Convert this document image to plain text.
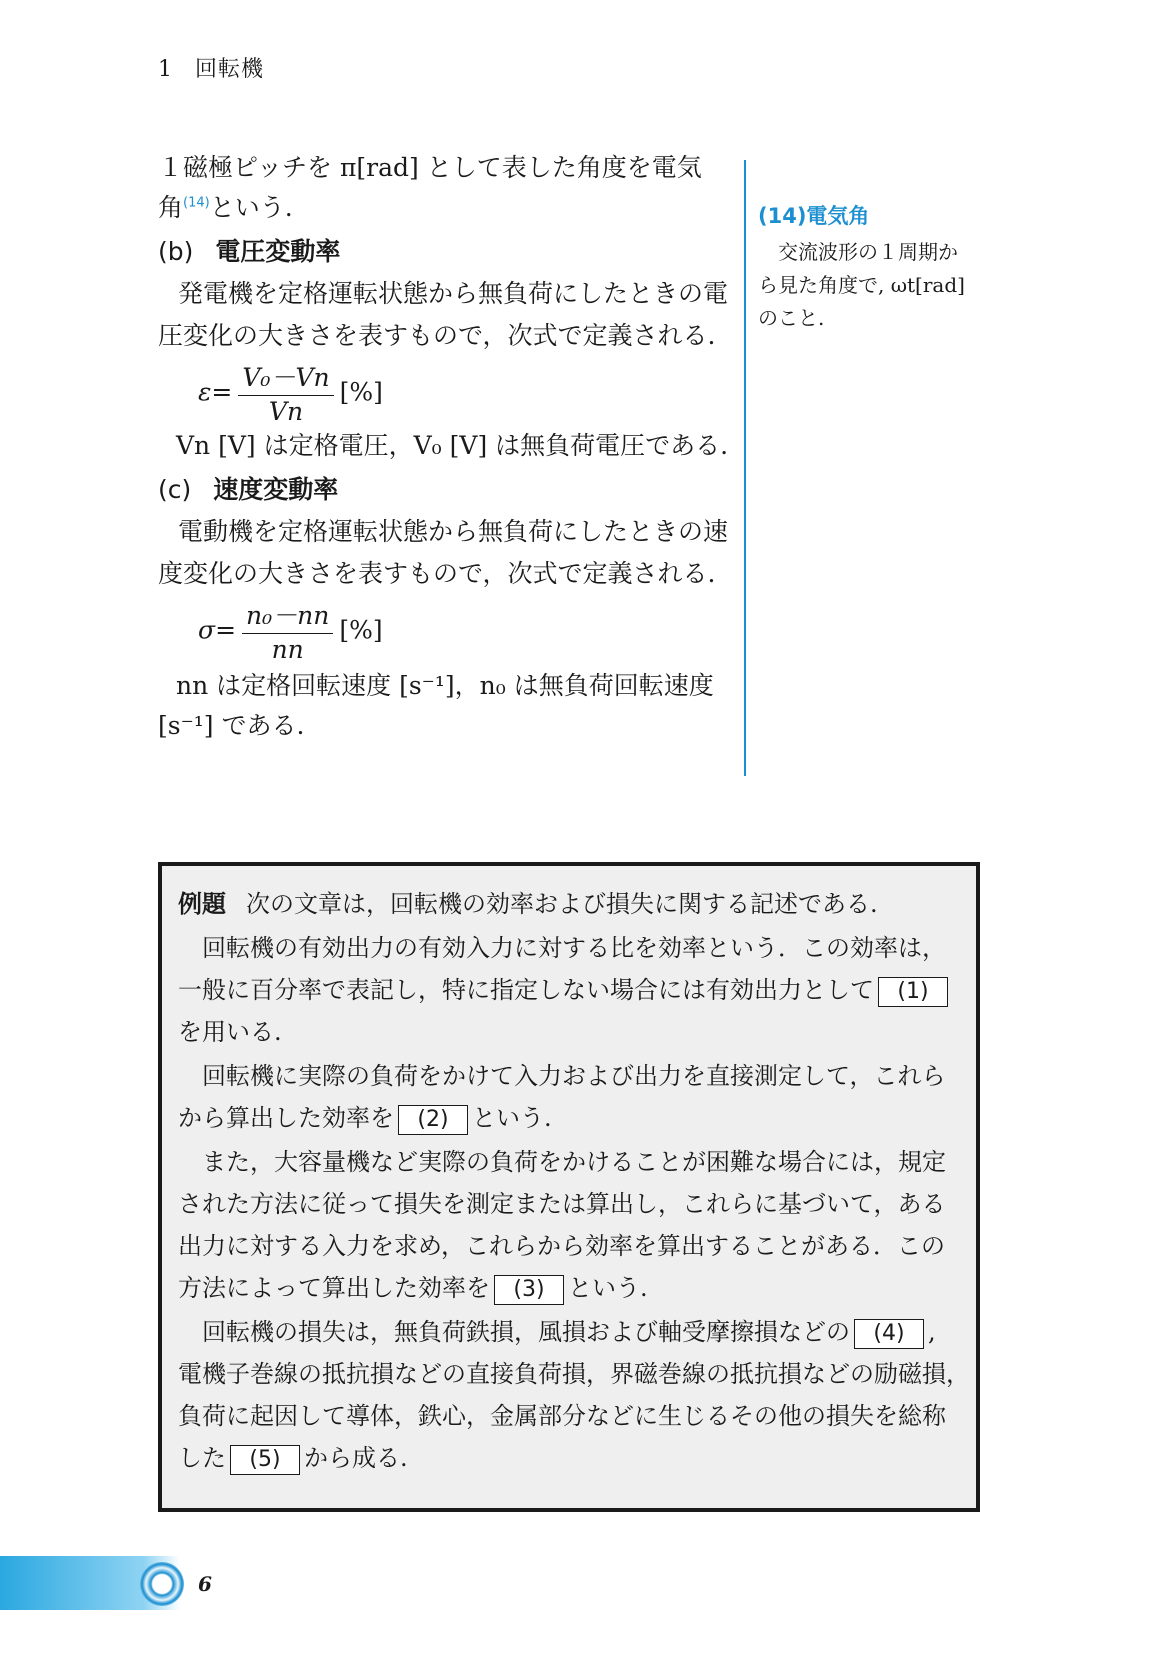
1 回転機
１磁極ピッチを π[rad] として表した角度を電気
角$^{(14)}$という.
(b) 電圧変動率
発電機を定格運転状態から無負荷にしたときの電
圧変化の大きさを表すもので，次式で定義される.
$\varepsilon= \frac{\text{V₀－Vn}}{Vn}$ [%]
Vn [V] は定格電圧，V₀ [V] は無負荷電圧である.
(c) 速度変動率
電動機を定格運転状態から無負荷にしたときの速
度変化の大きさを表すもので，次式で定義される.
$\sigma= \frac{\text{n₀－nn}}{nn}$ [%]
nn は定格回転速度 [s⁻¹]，n₀ は無負荷回転速度
[s⁻¹] である.
(14)電気角
交流波形の１周期か
ら見た角度で, ωt[rad]
のこと.
例題 次の文章は，回転機の効率および損失に関する記述である.
回転機の有効出力の有効入力に対する比を効率という．この効率は，
一般に百分率で表記し，特に指定しない場合には有効出力として (1)
を用いる.
回転機に実際の負荷をかけて入力および出力を直接測定して，これら
から算出した効率を (2) という.
また，大容量機など実際の負荷をかけることが困難な場合には，規定
された方法に従って損失を測定または算出し，これらに基づいて，ある
出力に対する入力を求め，これらから効率を算出することがある．この
方法によって算出した効率を (3) という.
回転機の損失は，無負荷鉄損，風損および軸受摩擦損などの (4) ,
電機子巻線の抵抗損などの直接負荷損，界磁巻線の抵抗損などの励磁損，
負荷に起因して導体，鉄心，金属部分などに生じるその他の損失を総称
した (5) から成る.
6
